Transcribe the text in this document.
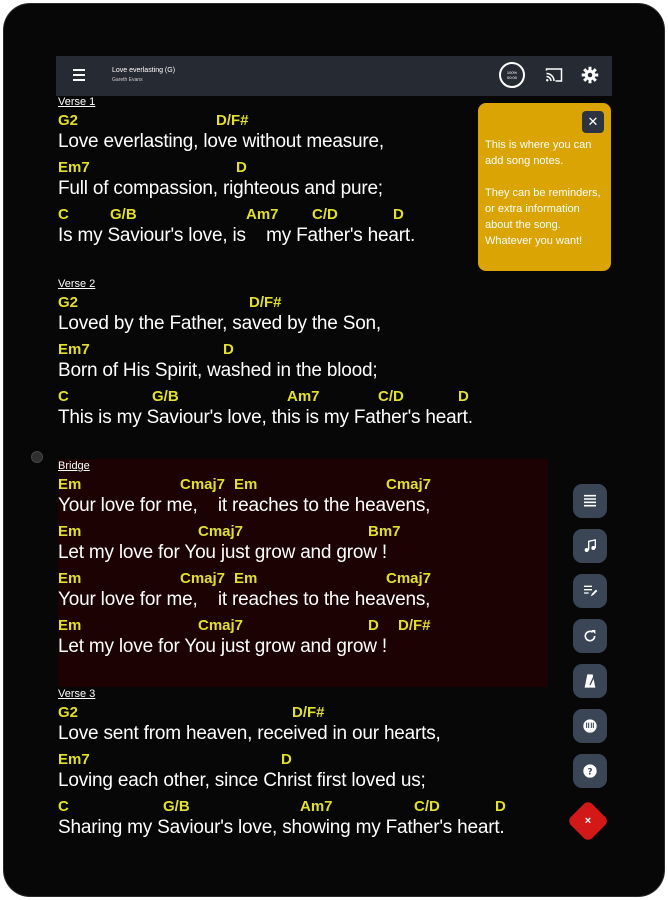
Love everlasting (G)
Gareth Evans
100%
00:00
Verse 1
G2	D/F#
Love everlasting, love without measure,
Em7	D
Full of compassion, righteous and pure;
C	G/B	Am7 C/D	D
Is my Saviour's love, is    my Father's heart.
Verse 2
G2	D/F#
Loved by the Father, saved by the Son,
Em7	D
Born of His Spirit, washed in the blood;
C	G/B	Am7	C/D	D
This is my Saviour's love, this is my Father's heart.
Bridge
Em	Cmaj7 Em	Cmaj7
Your love for me,    it reaches to the heavens,
Em	Cmaj7	Bm7
Let my love for You just grow and grow !
Em	Cmaj7 Em	Cmaj7
Your love for me,    it reaches to the heavens,
Em	Cmaj7	D D/F#
Let my love for You just grow and grow !
Verse 3
G2	D/F#
Love sent from heaven, received in our hearts,
Em7	D
Loving each other, since Christ first loved us;
C	G/B	Am7	C/D	D
Sharing my Saviour's love, showing my Father's heart.
✕

This is where you can add song notes.

They can be reminders, or extra information about the song. Whatever you want!

?
×
